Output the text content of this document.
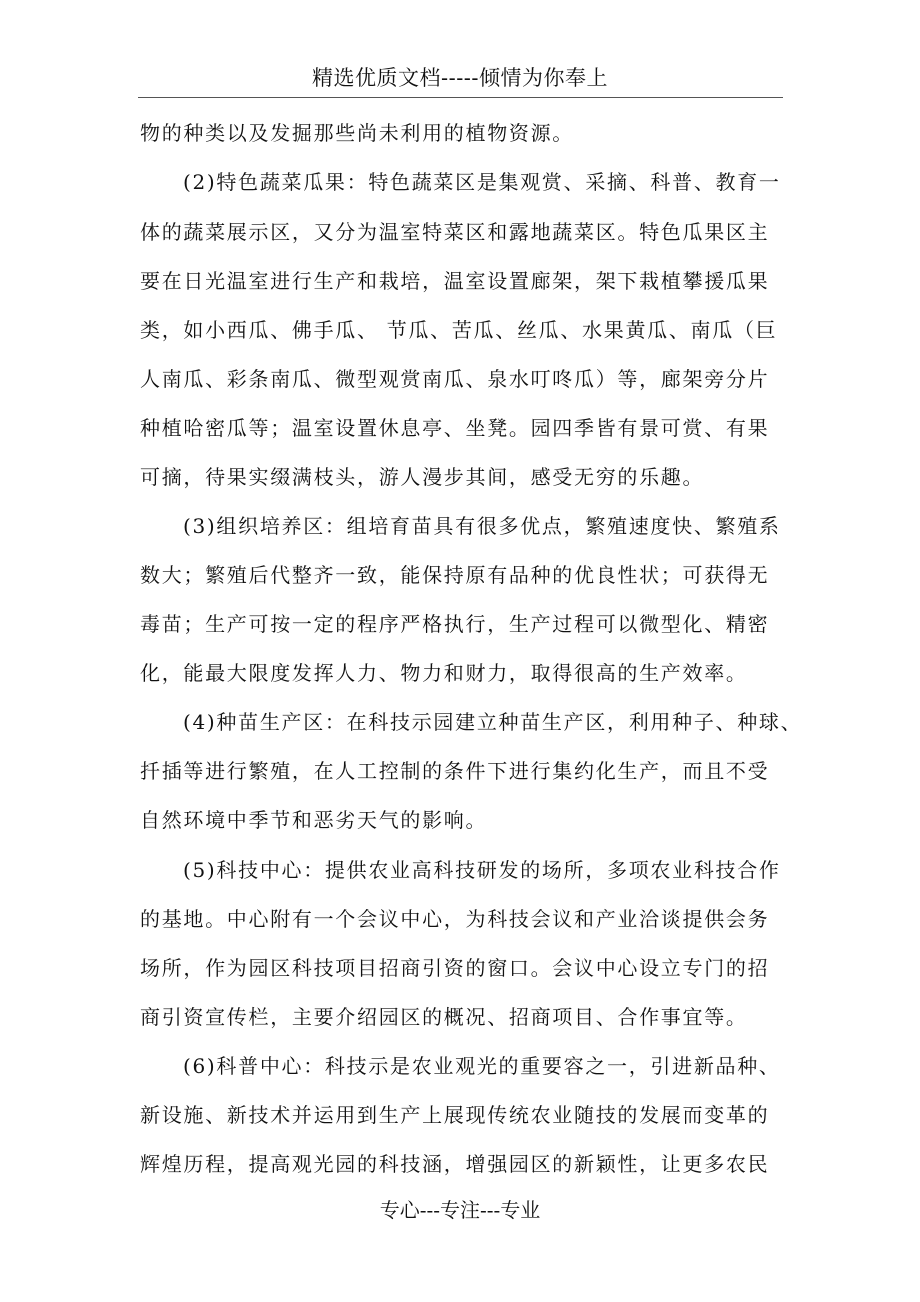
精选优质文档-----倾情为你奉上
物的种类以及发掘那些尚未利用的植物资源。
(2)特色蔬菜瓜果：特色蔬菜区是集观赏、采摘、科普、教育一
体的蔬菜展示区，又分为温室特菜区和露地蔬菜区。特色瓜果区主
要在日光温室进行生产和栽培，温室设置廊架，架下栽植攀援瓜果
类，如小西瓜、佛手瓜、 节瓜、苦瓜、丝瓜、水果黄瓜、南瓜（巨
人南瓜、彩条南瓜、微型观赏南瓜、泉水叮咚瓜）等，廊架旁分片
种植哈密瓜等；温室设置休息亭、坐凳。园四季皆有景可赏、有果
可摘，待果实缀满枝头，游人漫步其间，感受无穷的乐趣。
(3)组织培养区：组培育苗具有很多优点，繁殖速度快、繁殖系
数大；繁殖后代整齐一致，能保持原有品种的优良性状；可获得无
毒苗；生产可按一定的程序严格执行，生产过程可以微型化、精密
化，能最大限度发挥人力、物力和财力，取得很高的生产效率。
(4)种苗生产区：在科技示园建立种苗生产区，利用种子、种球、
扦插等进行繁殖，在人工控制的条件下进行集约化生产，而且不受
自然环境中季节和恶劣天气的影响。
(5)科技中心：提供农业高科技研发的场所，多项农业科技合作
的基地。中心附有一个会议中心，为科技会议和产业洽谈提供会务
场所，作为园区科技项目招商引资的窗口。会议中心设立专门的招
商引资宣传栏，主要介绍园区的概况、招商项目、合作事宜等。
(6)科普中心：科技示是农业观光的重要容之一，引进新品种、
新设施、新技术并运用到生产上展现传统农业随技的发展而变革的
辉煌历程，提高观光园的科技涵，增强园区的新颖性，让更多农民
专心---专注---专业
